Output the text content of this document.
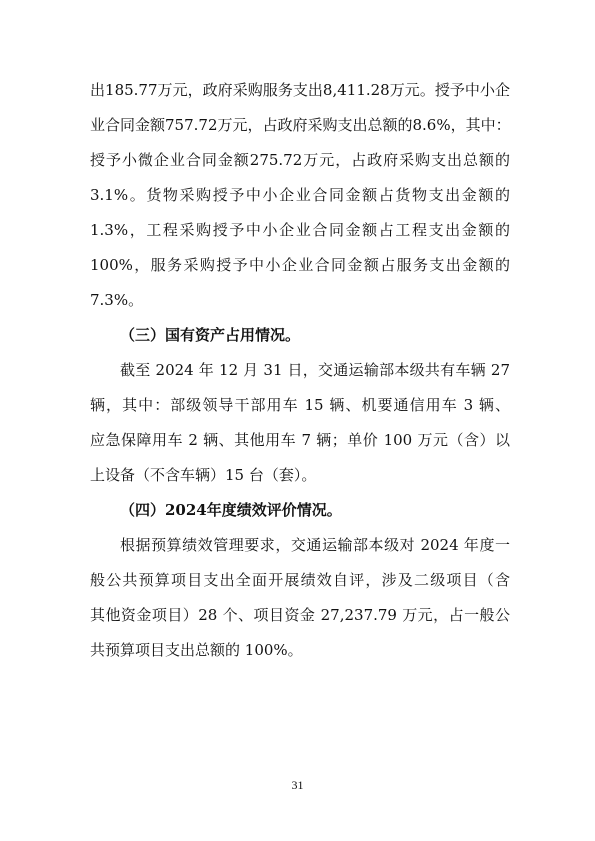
出185.77万元，政府采购服务支出8,411.28万元。授予中小企
业合同金额757.72万元，占政府采购支出总额的8.6%，其中：
授予小微企业合同金额275.72万元，占政府采购支出总额的
3.1%。货物采购授予中小企业合同金额占货物支出金额的
1.3%，工程采购授予中小企业合同金额占工程支出金额的
100%，服务采购授予中小企业合同金额占服务支出金额的
7.3%。
（三）国有资产占用情况。
截至 2024 年 12 月 31 日，交通运输部本级共有车辆 27
辆，其中：部级领导干部用车 15 辆、机要通信用车 3 辆、
应急保障用车 2 辆、其他用车 7 辆；单价 100 万元（含）以
上设备（不含车辆）15 台（套）。
（四）2024年度绩效评价情况。
根据预算绩效管理要求，交通运输部本级对 2024 年度一
般公共预算项目支出全面开展绩效自评，涉及二级项目（含
其他资金项目）28 个、项目资金 27,237.79 万元，占一般公
共预算项目支出总额的 100%。
31
